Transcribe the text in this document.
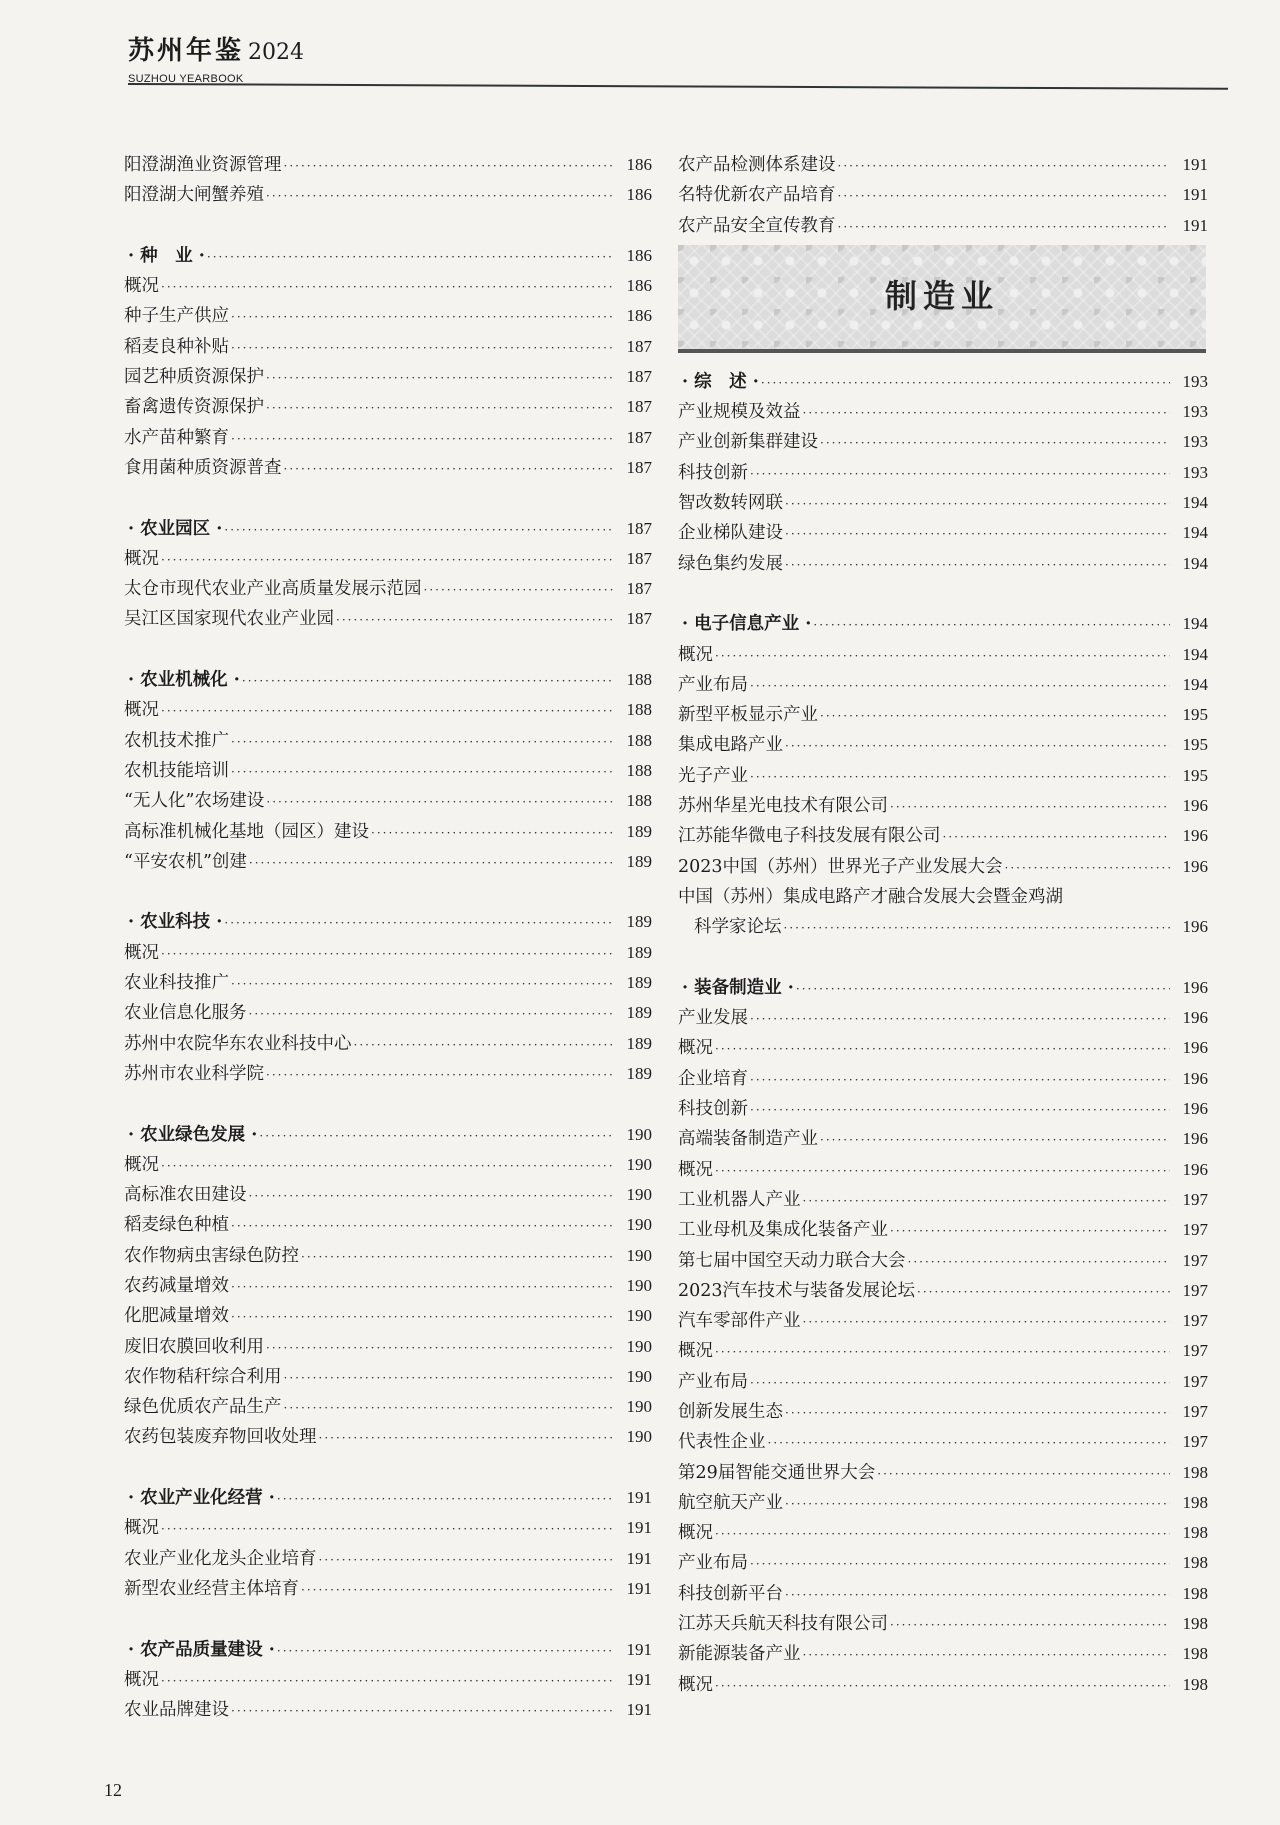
苏州年鉴 2024
SUZHOU YEARBOOK
阳澄湖渔业资源管理 ·····	186
阳澄湖大闸蟹养殖 ·····	186
· 种　业 · ·····	186
概况 ·····	186
种子生产供应 ·····	186
稻麦良种补贴 ·····	187
园艺种质资源保护 ·····	187
畜禽遗传资源保护 ·····	187
水产苗种繁育 ·····	187
食用菌种质资源普查 ·····	187
· 农业园区 · ·····	187
概况 ·····	187
太仓市现代农业产业高质量发展示范园 ·····	187
吴江区国家现代农业产业园 ·····	187
· 农业机械化 · ·····	188
概况 ·····	188
农机技术推广 ·····	188
农机技能培训 ·····	188
“无人化”农场建设 ·····	188
高标准机械化基地（园区）建设 ·····	189
“平安农机”创建 ·····	189
· 农业科技 · ·····	189
概况 ·····	189
农业科技推广 ·····	189
农业信息化服务 ·····	189
苏州中农院华东农业科技中心 ·····	189
苏州市农业科学院 ·····	189
· 农业绿色发展 · ·····	190
概况 ·····	190
高标准农田建设 ·····	190
稻麦绿色种植 ·····	190
农作物病虫害绿色防控 ·····	190
农药减量增效 ·····	190
化肥减量增效 ·····	190
废旧农膜回收利用 ·····	190
农作物秸秆综合利用 ·····	190
绿色优质农产品生产 ·····	190
农药包装废弃物回收处理 ·····	190
· 农业产业化经营 · ·····	191
概况 ·····	191
农业产业化龙头企业培育 ·····	191
新型农业经营主体培育 ·····	191
· 农产品质量建设 · ·····	191
概况 ·····	191
农业品牌建设 ·····	191
农产品检测体系建设 ·····	191
名特优新农产品培育 ·····	191
农产品安全宣传教育 ·····	191
制造业
· 综　述 · ·····	193
产业规模及效益 ·····	193
产业创新集群建设 ·····	193
科技创新 ·····	193
智改数转网联 ·····	194
企业梯队建设 ·····	194
绿色集约发展 ·····	194
· 电子信息产业 · ·····	194
概况 ·····	194
产业布局 ·····	194
新型平板显示产业 ·····	195
集成电路产业 ·····	195
光子产业 ·····	195
苏州华星光电技术有限公司 ·····	196
江苏能华微电子科技发展有限公司 ·····	196
2023中国（苏州）世界光子产业发展大会 ·····	196
中国（苏州）集成电路产才融合发展大会暨金鸡湖
科学家论坛 ·····	196
· 装备制造业 · ·····	196
产业发展 ·····	196
概况 ·····	196
企业培育 ·····	196
科技创新 ·····	196
高端装备制造产业 ·····	196
概况 ·····	196
工业机器人产业 ·····	197
工业母机及集成化装备产业 ·····	197
第七届中国空天动力联合大会 ·····	197
2023汽车技术与装备发展论坛 ·····	197
汽车零部件产业 ·····	197
概况 ·····	197
产业布局 ·····	197
创新发展生态 ·····	197
代表性企业 ·····	197
第29届智能交通世界大会 ·····	198
航空航天产业 ·····	198
概况 ·····	198
产业布局 ·····	198
科技创新平台 ·····	198
江苏天兵航天科技有限公司 ·····	198
新能源装备产业 ·····	198
概况 ·····	198
12
